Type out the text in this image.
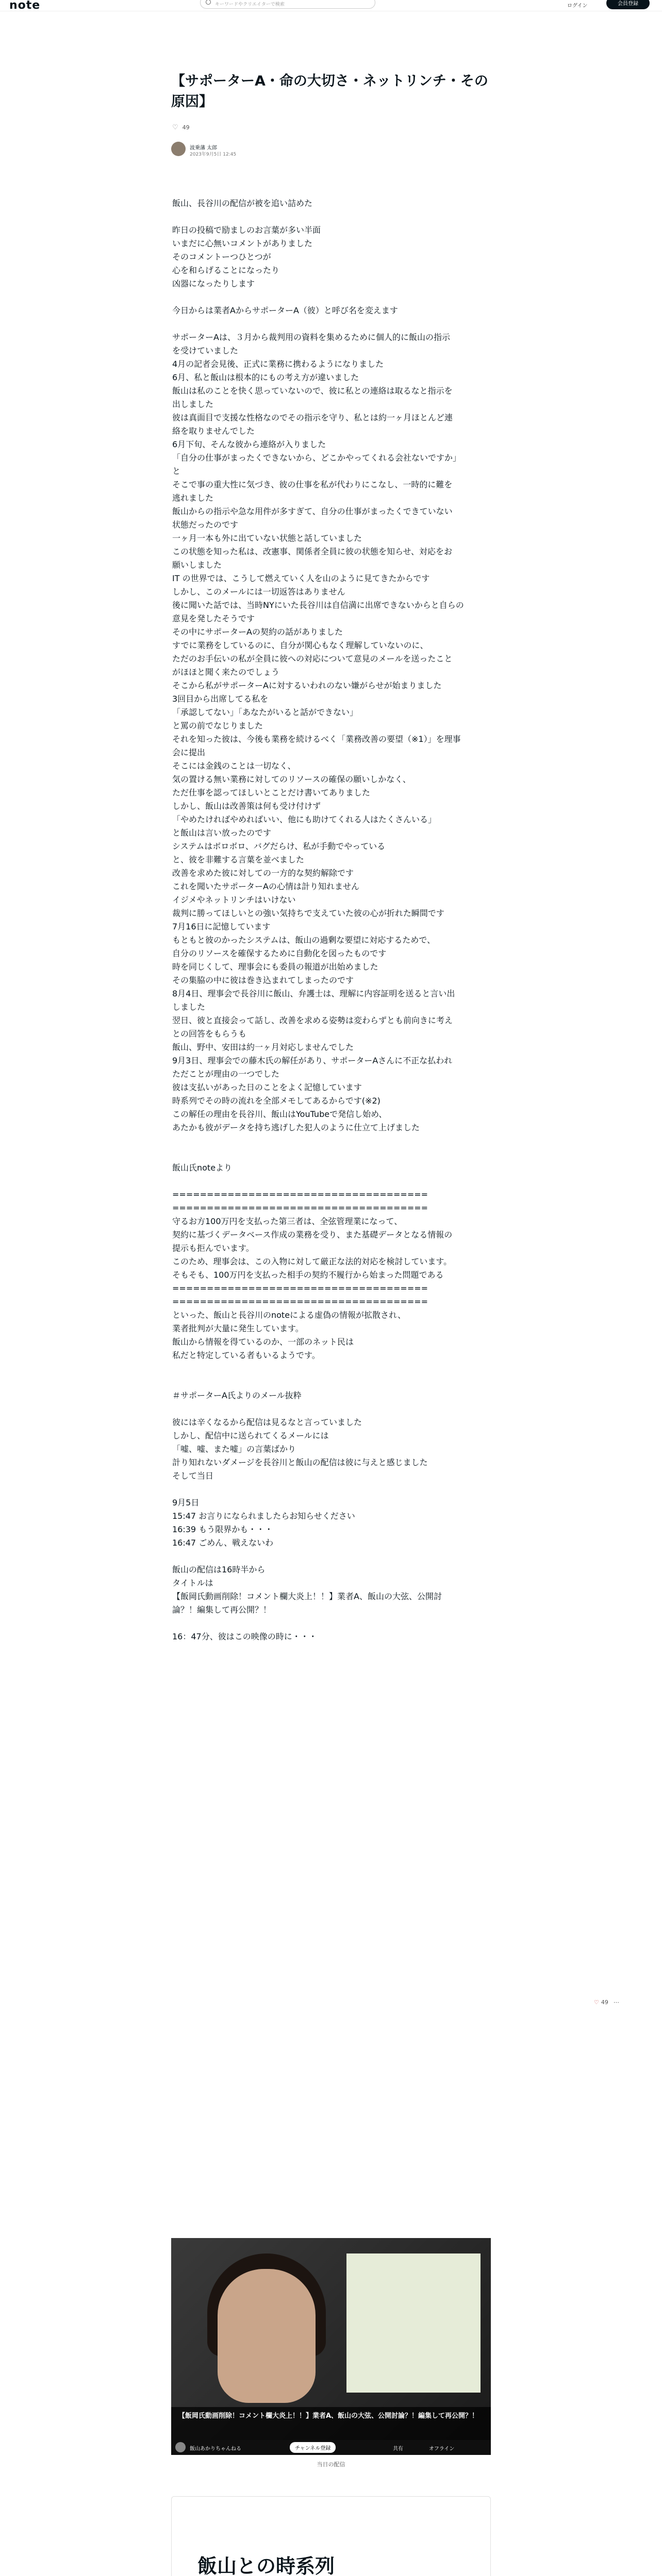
note	キーワードやクリエイターで検索	ログイン	会員登録
【サポーターA・命の大切さ・ネットリンチ・その原因】
♡ 49
波乗藩 太郎
2023年9月5日 12:45

飯山、長谷川の配信が被を追い詰めた

昨日の投稿で励ましのお言葉が多い半面

いまだに心無いコメントがありました

そのコメントーつひとつが

心を和らげることになったり

凶器になったりします

今日からは業者AからサポーターA（彼）と呼び名を変えます

サポーターAは、３月から裁判用の資料を集めるために個人的に飯山の指示

を受けていました

4月の記者会見後、正式に業務に携わるようになりました

6月、私と飯山は根本的にもの考え方が違いました

飯山は私のことを快く思っていないので、彼に私との連絡は取るなと指示を

出しました

彼は真面目で支援な性格なのでその指示を守り、私とは約一ヶ月ほとんど連

絡を取りませんでした

6月下旬、そんな彼から連絡が入りました

「自分の仕事がまったくできないから、どこかやってくれる会社ないですか」

と

そこで事の重大性に気づき、彼の仕事を私が代わりにこなし、一時的に難を

逃れました

飯山からの指示や急な用件が多すぎて、自分の仕事がまったくできていない

状態だったのです

一ヶ月一本も外に出ていない状態と話していました

この状態を知った私は、改憲事、関係者全員に彼の状態を知らせ、対応をお

願いしました

IT の世界では、こうして燃えていく人を山のように見てきたからです

しかし、このメールには一切返答はありません

後に聞いた話では、当時NYにいた長谷川は自信満に出席できないからと自らの

意見を発したそうです

その中にサポーターAの契約の話がありました

すでに業務をしているのに、自分が関心もなく理解していないのに、

ただのお手伝いの私が全員に彼への対応について意見のメールを送ったこと

がほほと聞く来たのでしょう

そこから私がサポーターAに対するいわれのない嫌がらせが始まりました

3回目から出席してる私を

「承認してない」「あなたがいると話ができない」

と罵の前でなじりました

それを知った彼は、今後も業務を続けるべく「業務改善の要望（※1）」を理事

会に提出

そこには金銭のことは一切なく、

気の置ける無い業務に対してのリソースの確保の願いしかなく、

ただ仕事を認ってほしいとことだけ書いてありました

しかし、飯山は改善策は何も受け付けず

「やめたければやめればいい、他にも助けてくれる人はたくさんいる」

と飯山は言い放ったのです

システムはボロボロ、バグだらけ、私が手動でやっている

と、彼を非難する言葉を並べました

改善を求めた彼に対しての一方的な契約解除です

これを聞いたサポーターAの心情は計り知れません

イジメやネットリンチはいけない

裁判に勝ってほしいとの強い気持ちで支えていた彼の心が折れた瞬間です

7月16日に記憶しています

もともと彼のかったシステムは、飯山の過剰な要望に対応するためで、

自分のリソースを確保するために自動化を図ったものです

時を同じくして、理事会にも委員の報道が出始めました

その集脇の中に彼は巻き込まれてしまったのです

8月4日、理事会で長谷川に飯山、弁護士は、理解に内容証明を送ると言い出

しました

翌日、彼と直接会って話し、改善を求める姿勢は変わらずとも前向きに考え

との回答をもらうも

飯山、野中、安田は約一ヶ月対応しませんでした

9月3日、理事会での藤木氏の解任があり、サポーターAさんに不正な払われ

ただことが理由の一つでした

彼は支払いがあった日のことをよく記憶しています

時系列でその時の流れを全部メモしてあるからです(※2)

この解任の理由を長谷川、飯山はYouTubeで発信し始め、

あたかも彼がデータを持ち逃げした犯人のように仕立て上げました

飯山氏noteより

=====================================

=====================================

守るお方100万円を支払った第三者は、全弦管理業になって、

契約に基づくデータベース作成の業務を受り、また基礎データとなる情報の

提示も拒んでいます。

このため、理事会は、この入物に対して厳正な法的対応を検討しています。

そもそも、100万円を支払った相手の契約不履行から始まった問題である

=====================================

=====================================

といった、飯山と長谷川のnoteによる虚偽の情報が拡散され、

業者批判が大量に発生しています。

飯山から情報を得ているのか、一部のネット民は

私だと特定している者もいるようです。

＃サポーターA氏よりのメール抜粋

彼には辛くなるから配信は見るなと言っていました

しかし、配信中に送られてくるメールには

「嘘、嘘、また嘘」の言葉ばかり

計り知れないダメージを長谷川と飯山の配信は彼に与えと感じました

そして当日

9月5日

15:47 お言りになられましたらお知らせください

16:39 もう限界かも・・・

16:47 ごめん、戦えないわ

飯山の配信は16時半から

タイトルは

【飯岡氏動画削除！コメント欄大炎上！！】業者A、飯山の大弦、公開討

論？！編集して再公開？！

16：47分、彼はこの映像の時に・・・

【飯岡氏動画削除！コメント欄大炎上！！】業者A、飯山の大弦、公開討論？！編集して再公開？！
飯山あかりちゃんねる	チャンネル登録	共有	オフライン
当日の配信
飯山との時系列

♡ 49 ⋯
